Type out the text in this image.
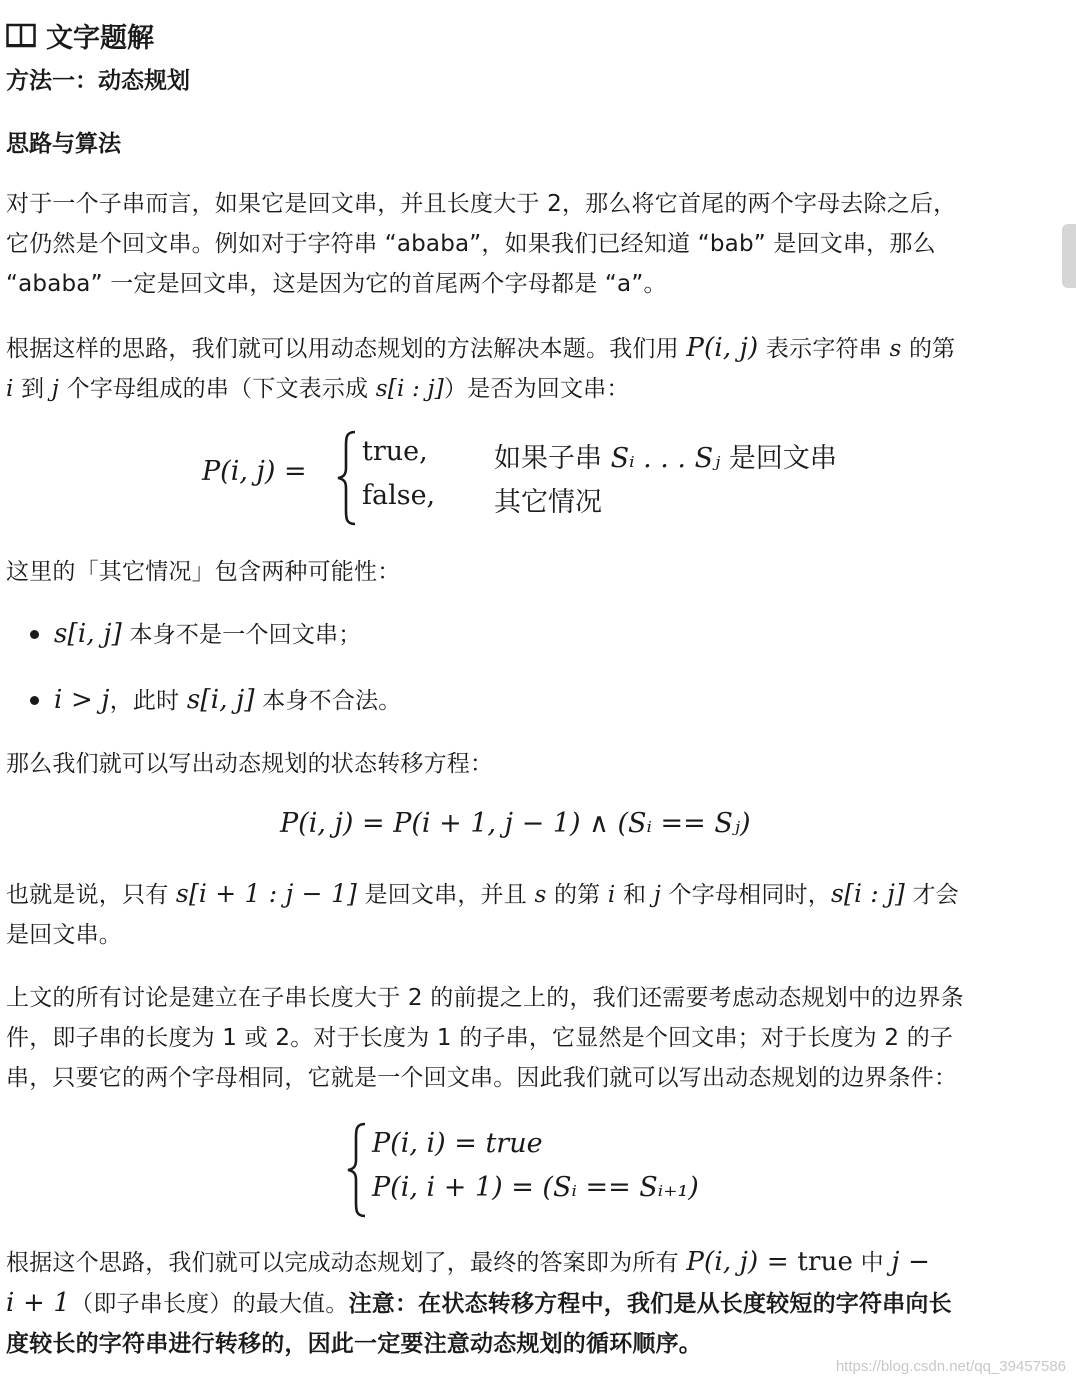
文字题解
方法一：动态规划
思路与算法
对于一个子串而言，如果它是回文串，并且长度大于 2，那么将它首尾的两个字母去除之后，
它仍然是个回文串。例如对于字符串 “ababa”，如果我们已经知道 “bab” 是回文串，那么
“ababa” 一定是回文串，这是因为它的首尾两个字母都是 “a”。
根据这样的思路，我们就可以用动态规划的方法解决本题。我们用 P(i, j) 表示字符串 s 的第
i 到 j 个字母组成的串（下文表示成 s[i : j]）是否为回文串：
P(i, j) =
true, 如果子串 Sᵢ . . . Sⱼ 是回文串
false, 其它情况
这里的「其它情况」包含两种可能性：
s[i, j] 本身不是一个回文串；
i > j，此时 s[i, j] 本身不合法。
那么我们就可以写出动态规划的状态转移方程：
P(i, j) = P(i + 1, j − 1) ∧ (Sᵢ == Sⱼ)
也就是说，只有 s[i + 1 : j − 1] 是回文串，并且 s 的第 i 和 j 个字母相同时，s[i : j] 才会
是回文串。
上文的所有讨论是建立在子串长度大于 2 的前提之上的，我们还需要考虑动态规划中的边界条
件，即子串的长度为 1 或 2。对于长度为 1 的子串，它显然是个回文串；对于长度为 2 的子
串，只要它的两个字母相同，它就是一个回文串。因此我们就可以写出动态规划的边界条件：
P(i, i) = true
P(i, i + 1) = (Sᵢ == Sᵢ₊₁)
根据这个思路，我们就可以完成动态规划了，最终的答案即为所有 P(i, j) = true 中 j −
i + 1（即子串长度）的最大值。注意：在状态转移方程中，我们是从长度较短的字符串向长
度较长的字符串进行转移的，因此一定要注意动态规划的循环顺序。
https://blog.csdn.net/qq_39457586
